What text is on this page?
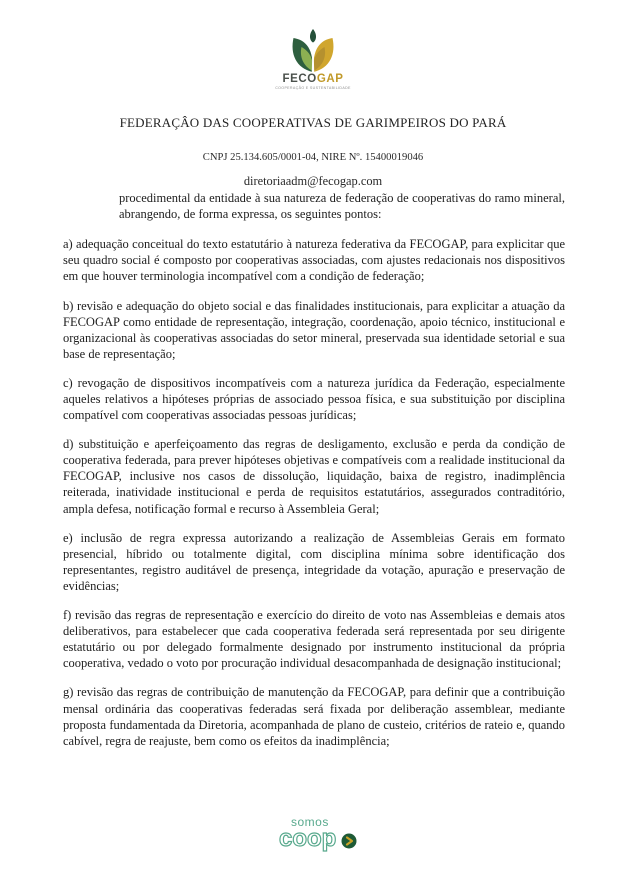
FECOGAP
COOPERAÇÃO E SUSTENTABILIDADE
FEDERAÇÂO DAS COOPERATIVAS DE GARIMPEIROS DO PARÁ
CNPJ 25.134.605/0001-04, NIRE Nº. 15400019046
diretoriaadm@fecogap.com

procedimental da entidade à sua natureza de federação de cooperativas do ramo mineral, abrangendo, de forma expressa, os seguintes pontos:

a) adequação conceitual do texto estatutário à natureza federativa da FECOGAP, para explicitar que seu quadro social é composto por cooperativas associadas, com ajustes redacionais nos dispositivos em que houver terminologia incompatível com a condição de federação;

b) revisão e adequação do objeto social e das finalidades institucionais, para explicitar a atuação da FECOGAP como entidade de representação, integração, coordenação, apoio técnico, institucional e organizacional às cooperativas associadas do setor mineral, preservada sua identidade setorial e sua base de representação;

c) revogação de dispositivos incompatíveis com a natureza jurídica da Federação, especialmente aqueles relativos a hipóteses próprias de associado pessoa física, e sua substituição por disciplina compatível com cooperativas associadas pessoas jurídicas;

d) substituição e aperfeiçoamento das regras de desligamento, exclusão e perda da condição de cooperativa federada, para prever hipóteses objetivas e compatíveis com a realidade institucional da FECOGAP, inclusive nos casos de dissolução, liquidação, baixa de registro, inadimplência reiterada, inatividade institucional e perda de requisitos estatutários, assegurados contraditório, ampla defesa, notificação formal e recurso à Assembleia Geral;

e) inclusão de regra expressa autorizando a realização de Assembleias Gerais em formato presencial, híbrido ou totalmente digital, com disciplina mínima sobre identificação dos representantes, registro auditável de presença, integridade da votação, apuração e preservação de evidências;

f) revisão das regras de representação e exercício do direito de voto nas Assembleias e demais atos deliberativos, para estabelecer que cada cooperativa federada será representada por seu dirigente estatutário ou por delegado formalmente designado por instrumento institucional da própria cooperativa, vedado o voto por procuração individual desacompanhada de designação institucional;

g) revisão das regras de contribuição de manutenção da FECOGAP, para definir que a contribuição mensal ordinária das cooperativas federadas será fixada por deliberação assemblear, mediante proposta fundamentada da Diretoria, acompanhada de plano de custeio, critérios de rateio e, quando cabível, regra de reajuste, bem como os efeitos da inadimplência;

somos
coop
